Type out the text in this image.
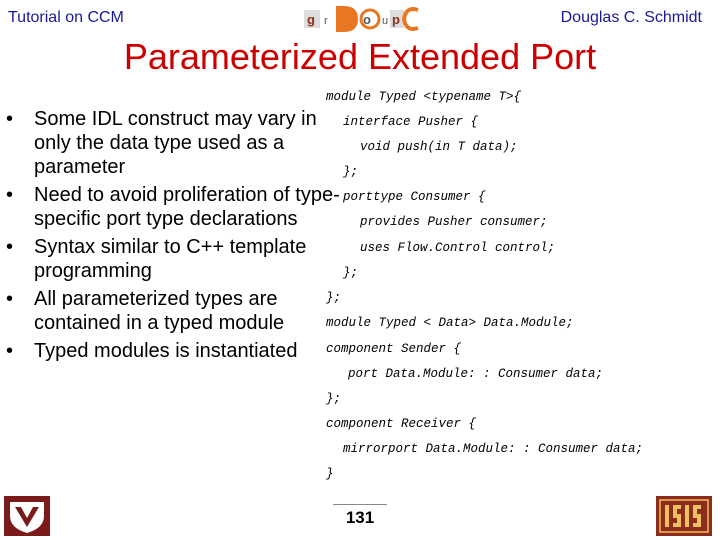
Tutorial on CCM	g r	o u p	Douglas C. Schmidt
Parameterized Extended Port
• Some IDL construct may vary in only the data type used as a parameter
• Need to avoid proliferation of type-specific port type declarations
• Syntax similar to C++ template programming
• All parameterized types are contained in a typed module
• Typed modules is instantiated
module Typed <typename T>{
interface Pusher {
void push(in T data);
};
porttype Consumer {
provides Pusher consumer;
uses Flow.Control control;
};
};
module Typed < Data> Data.Module;
component Sender {
port Data.Module: : Consumer data;
};
component Receiver {
mirrorport Data.Module: : Consumer data;
}
131
